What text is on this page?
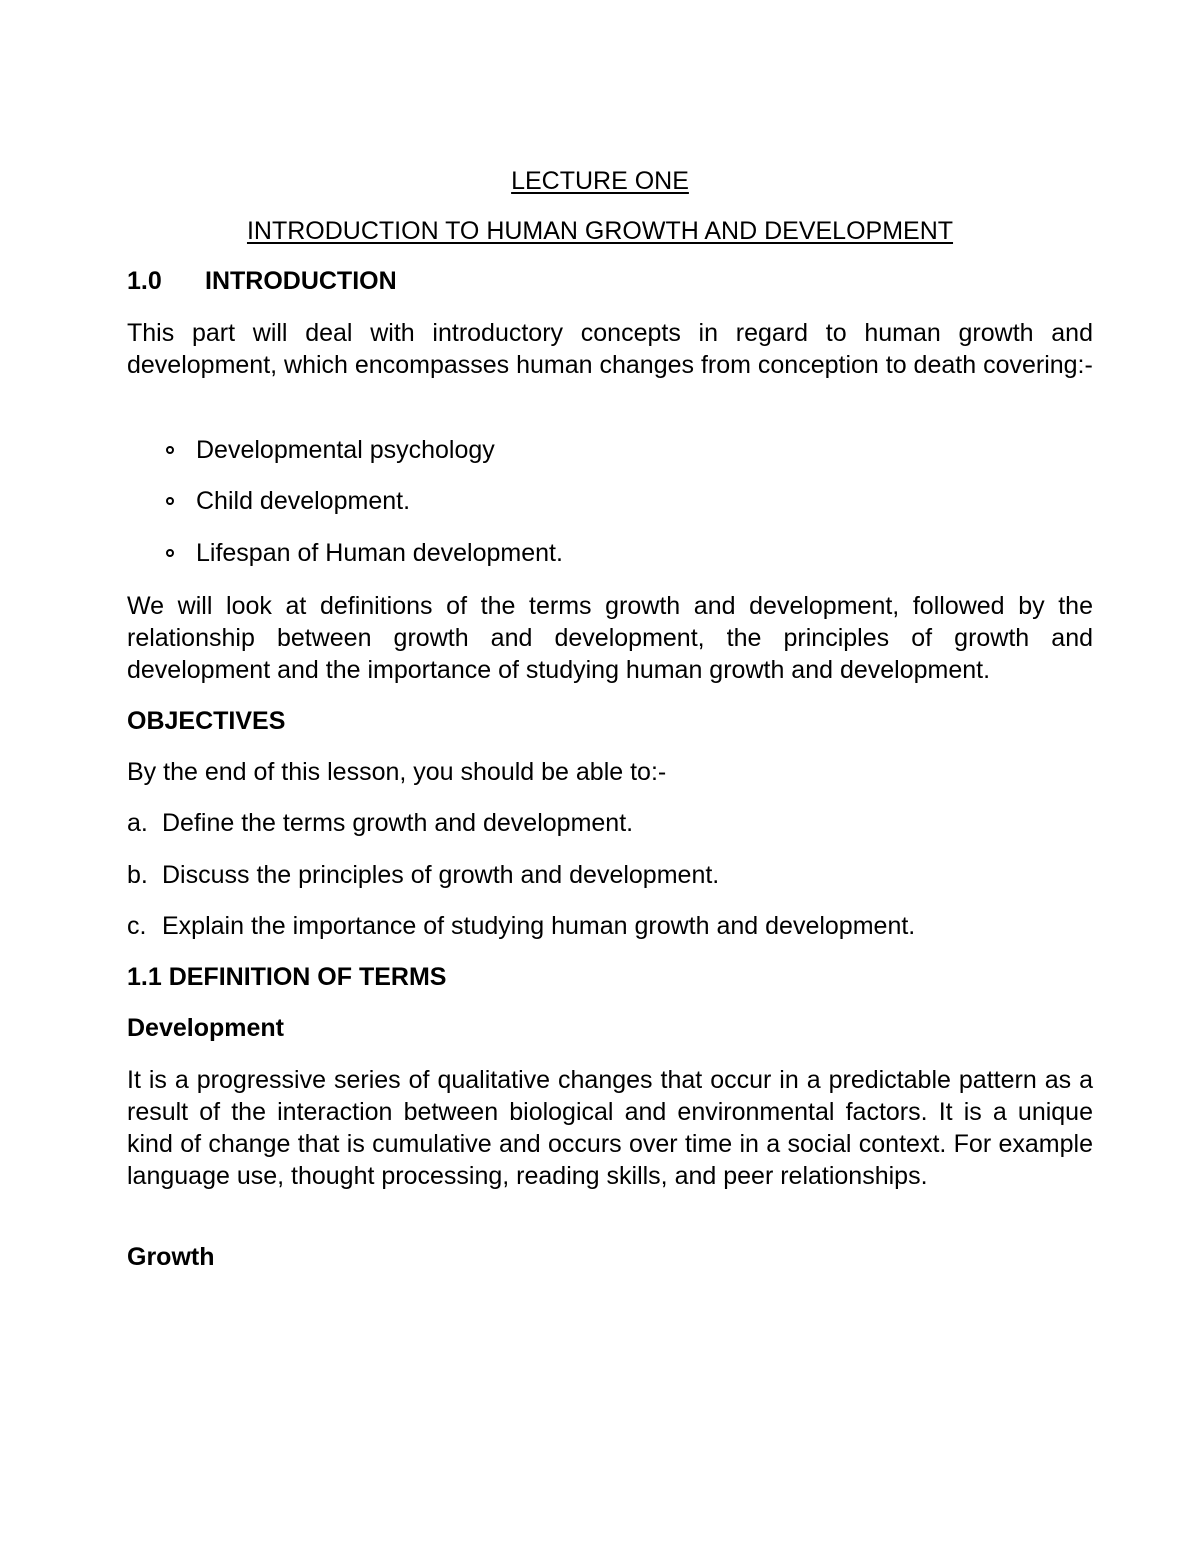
LECTURE ONE
INTRODUCTION TO HUMAN GROWTH AND DEVELOPMENT
1.0 INTRODUCTION
This part will deal with introductory concepts in regard to human growth and development, which encompasses human changes from conception to death covering:-
Developmental psychology
Child development.
Lifespan of Human development.
We will look at definitions of the terms growth and development, followed by the relationship between growth and development, the principles of growth and development and the importance of studying human growth and development.
OBJECTIVES
By the end of this lesson, you should be able to:-
a. Define the terms growth and development.
b. Discuss the principles of growth and development.
c. Explain the importance of studying human growth and development.
1.1 DEFINITION OF TERMS
Development
It is a progressive series of qualitative changes that occur in a predictable pattern as a result of the interaction between biological and environmental factors. It is a unique kind of change that is cumulative and occurs over time in a social context. For example language use, thought processing, reading skills, and peer relationships.
Growth
